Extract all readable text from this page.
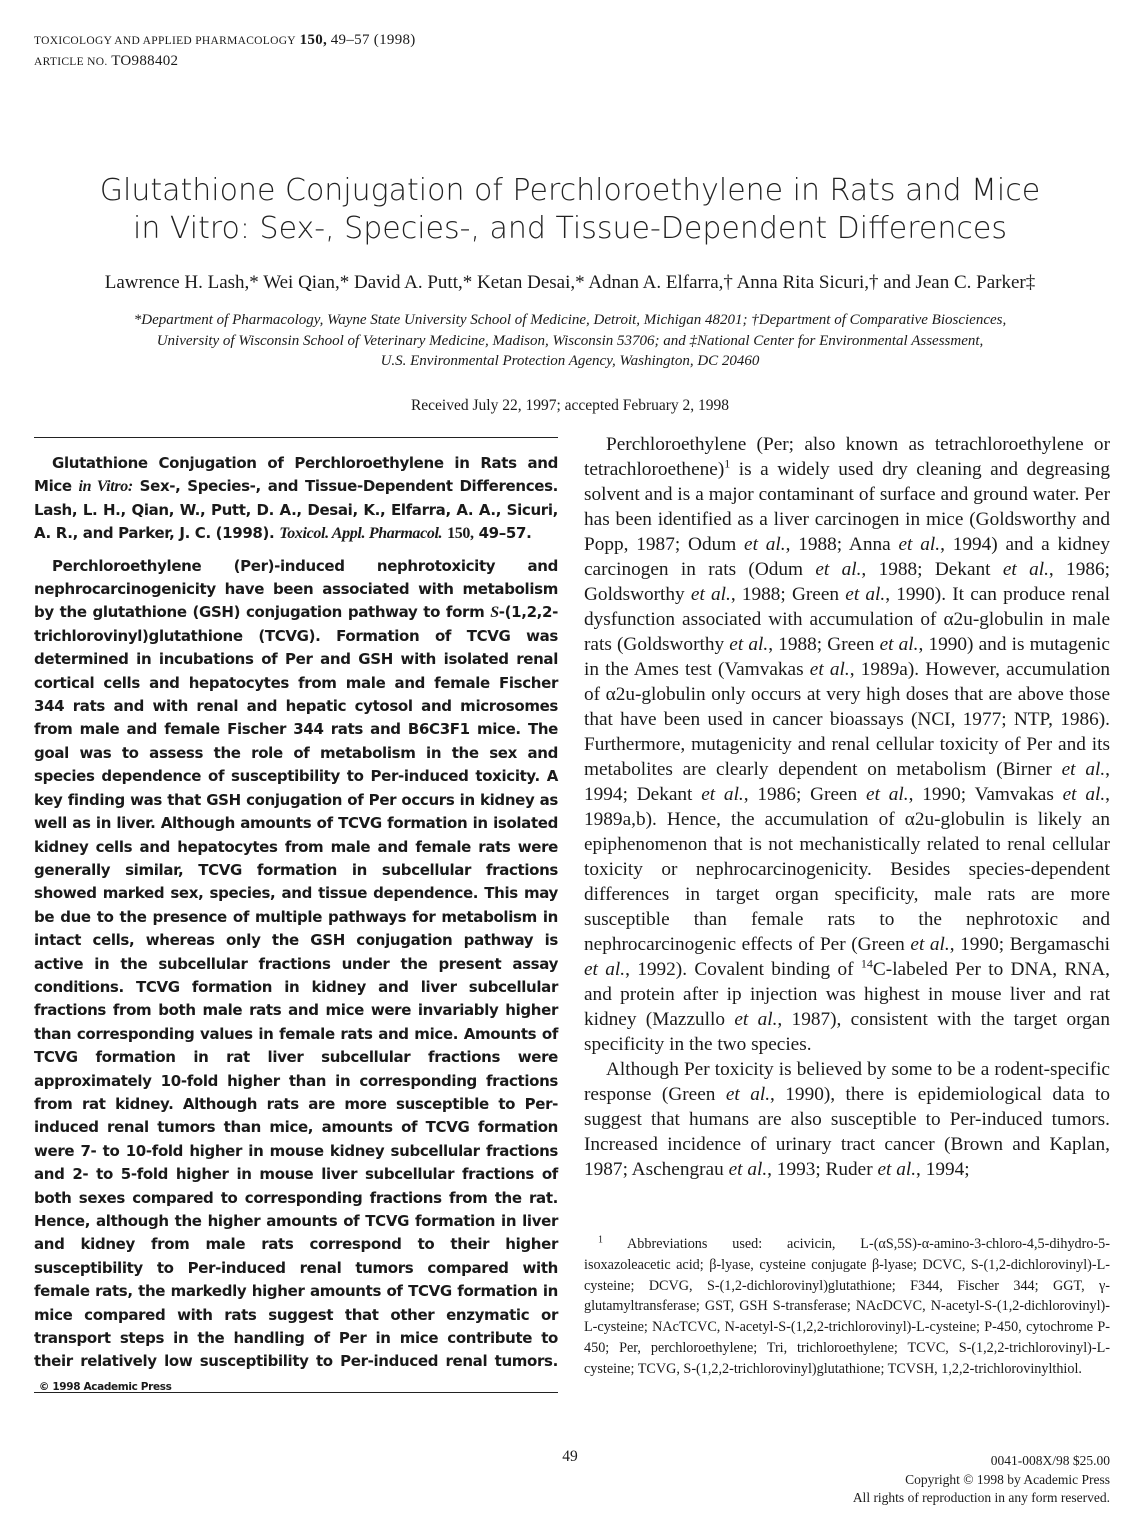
TOXICOLOGY AND APPLIED PHARMACOLOGY 150, 49–57 (1998)
ARTICLE NO. TO988402
Glutathione Conjugation of Perchloroethylene in Rats and Mice
in Vitro: Sex-, Species-, and Tissue-Dependent Differences
Lawrence H. Lash,* Wei Qian,* David A. Putt,* Ketan Desai,* Adnan A. Elfarra,† Anna Rita Sicuri,† and Jean C. Parker‡
*Department of Pharmacology, Wayne State University School of Medicine, Detroit, Michigan 48201; †Department of Comparative Biosciences,
University of Wisconsin School of Veterinary Medicine, Madison, Wisconsin 53706; and ‡National Center for Environmental Assessment,
U.S. Environmental Protection Agency, Washington, DC 20460
Received July 22, 1997; accepted February 2, 1998

Glutathione Conjugation of Perchloroethylene in Rats and Mice in Vitro: Sex-, Species-, and Tissue-Dependent Differences. Lash, L. H., Qian, W., Putt, D. A., Desai, K., Elfarra, A. A., Sicuri, A. R., and Parker, J. C. (1998). Toxicol. Appl. Pharmacol. 150, 49–57.

Perchloroethylene (Per)-induced nephrotoxicity and nephrocarcinogenicity have been associated with metabolism by the glutathione (GSH) conjugation pathway to form S-(1,2,2-trichlorovinyl)glutathione (TCVG). Formation of TCVG was determined in incubations of Per and GSH with isolated renal cortical cells and hepatocytes from male and female Fischer 344 rats and with renal and hepatic cytosol and microsomes from male and female Fischer 344 rats and B6C3F1 mice. The goal was to assess the role of metabolism in the sex and species dependence of susceptibility to Per-induced toxicity. A key finding was that GSH conjugation of Per occurs in kidney as well as in liver. Although amounts of TCVG formation in isolated kidney cells and hepatocytes from male and female rats were generally similar, TCVG formation in subcellular fractions showed marked sex, species, and tissue dependence. This may be due to the presence of multiple pathways for metabolism in intact cells, whereas only the GSH conjugation pathway is active in the subcellular fractions under the present assay conditions. TCVG formation in kidney and liver subcellular fractions from both male rats and mice were invariably higher than corresponding values in female rats and mice. Amounts of TCVG formation in rat liver subcellular fractions were approximately 10-fold higher than in corresponding fractions from rat kidney. Although rats are more susceptible to Per-induced renal tumors than mice, amounts of TCVG formation were 7- to 10-fold higher in mouse kidney subcellular fractions and 2- to 5-fold higher in mouse liver subcellular fractions of both sexes compared to corresponding fractions from the rat. Hence, although the higher amounts of TCVG formation in liver and kidney from male rats correspond to their higher susceptibility to Per-induced renal tumors compared with female rats, the markedly higher amounts of TCVG formation in mice compared with rats suggest that other enzymatic or transport steps in the handling of Per in mice contribute to their relatively low susceptibility to Per-induced renal tumors.  © 1998 Academic Press

Perchloroethylene (Per; also known as tetrachloroethylene or tetrachloroethene)$^1$ is a widely used dry cleaning and degreasing solvent and is a major contaminant of surface and ground water. Per has been identified as a liver carcinogen in mice (Goldsworthy and Popp, 1987; Odum et al., 1988; Anna et al., 1994) and a kidney carcinogen in rats (Odum et al., 1988; Dekant et al., 1986; Goldsworthy et al., 1988; Green et al., 1990). It can produce renal dysfunction associated with accumulation of α2u-globulin in male rats (Goldsworthy et al., 1988; Green et al., 1990) and is mutagenic in the Ames test (Vamvakas et al., 1989a). However, accumulation of α2u-globulin only occurs at very high doses that are above those that have been used in cancer bioassays (NCI, 1977; NTP, 1986). Furthermore, mutagenicity and renal cellular toxicity of Per and its metabolites are clearly dependent on metabolism (Birner et al., 1994; Dekant et al., 1986; Green et al., 1990; Vamvakas et al., 1989a,b). Hence, the accumulation of α2u-globulin is likely an epiphenomenon that is not mechanistically related to renal cellular toxicity or nephrocarcinogenicity. Besides species-dependent differences in target organ specificity, male rats are more susceptible than female rats to the nephrotoxic and nephrocarcinogenic effects of Per (Green et al., 1990; Bergamaschi et al., 1992). Covalent binding of $^{14}$C-labeled Per to DNA, RNA, and protein after ip injection was highest in mouse liver and rat kidney (Mazzullo et al., 1987), consistent with the target organ specificity in the two species.

Although Per toxicity is believed by some to be a rodent-specific response (Green et al., 1990), there is epidemiological data to suggest that humans are also susceptible to Per-induced tumors. Increased incidence of urinary tract cancer (Brown and Kaplan, 1987; Aschengrau et al., 1993; Ruder et al., 1994;

$^1$ Abbreviations used: acivicin, L-(αS,5S)-α-amino-3-chloro-4,5-dihydro-5-isoxazoleacetic acid; β-lyase, cysteine conjugate β-lyase; DCVC, S-(1,2-dichlorovinyl)-L-cysteine; DCVG, S-(1,2-dichlorovinyl)glutathione; F344, Fischer 344; GGT, γ-glutamyltransferase; GST, GSH S-transferase; NAcDCVC, N-acetyl-S-(1,2-dichlorovinyl)-L-cysteine; NAcTCVC, N-acetyl-S-(1,2,2-trichlorovinyl)-L-cysteine; P-450, cytochrome P-450; Per, perchloroethylene; Tri, trichloroethylene; TCVC, S-(1,2,2-trichlorovinyl)-L-cysteine; TCVG, S-(1,2,2-trichlorovinyl)glutathione; TCVSH, 1,2,2-trichlorovinylthiol.

49	0041-008X/98 $25.00
Copyright © 1998 by Academic Press
All rights of reproduction in any form reserved.
